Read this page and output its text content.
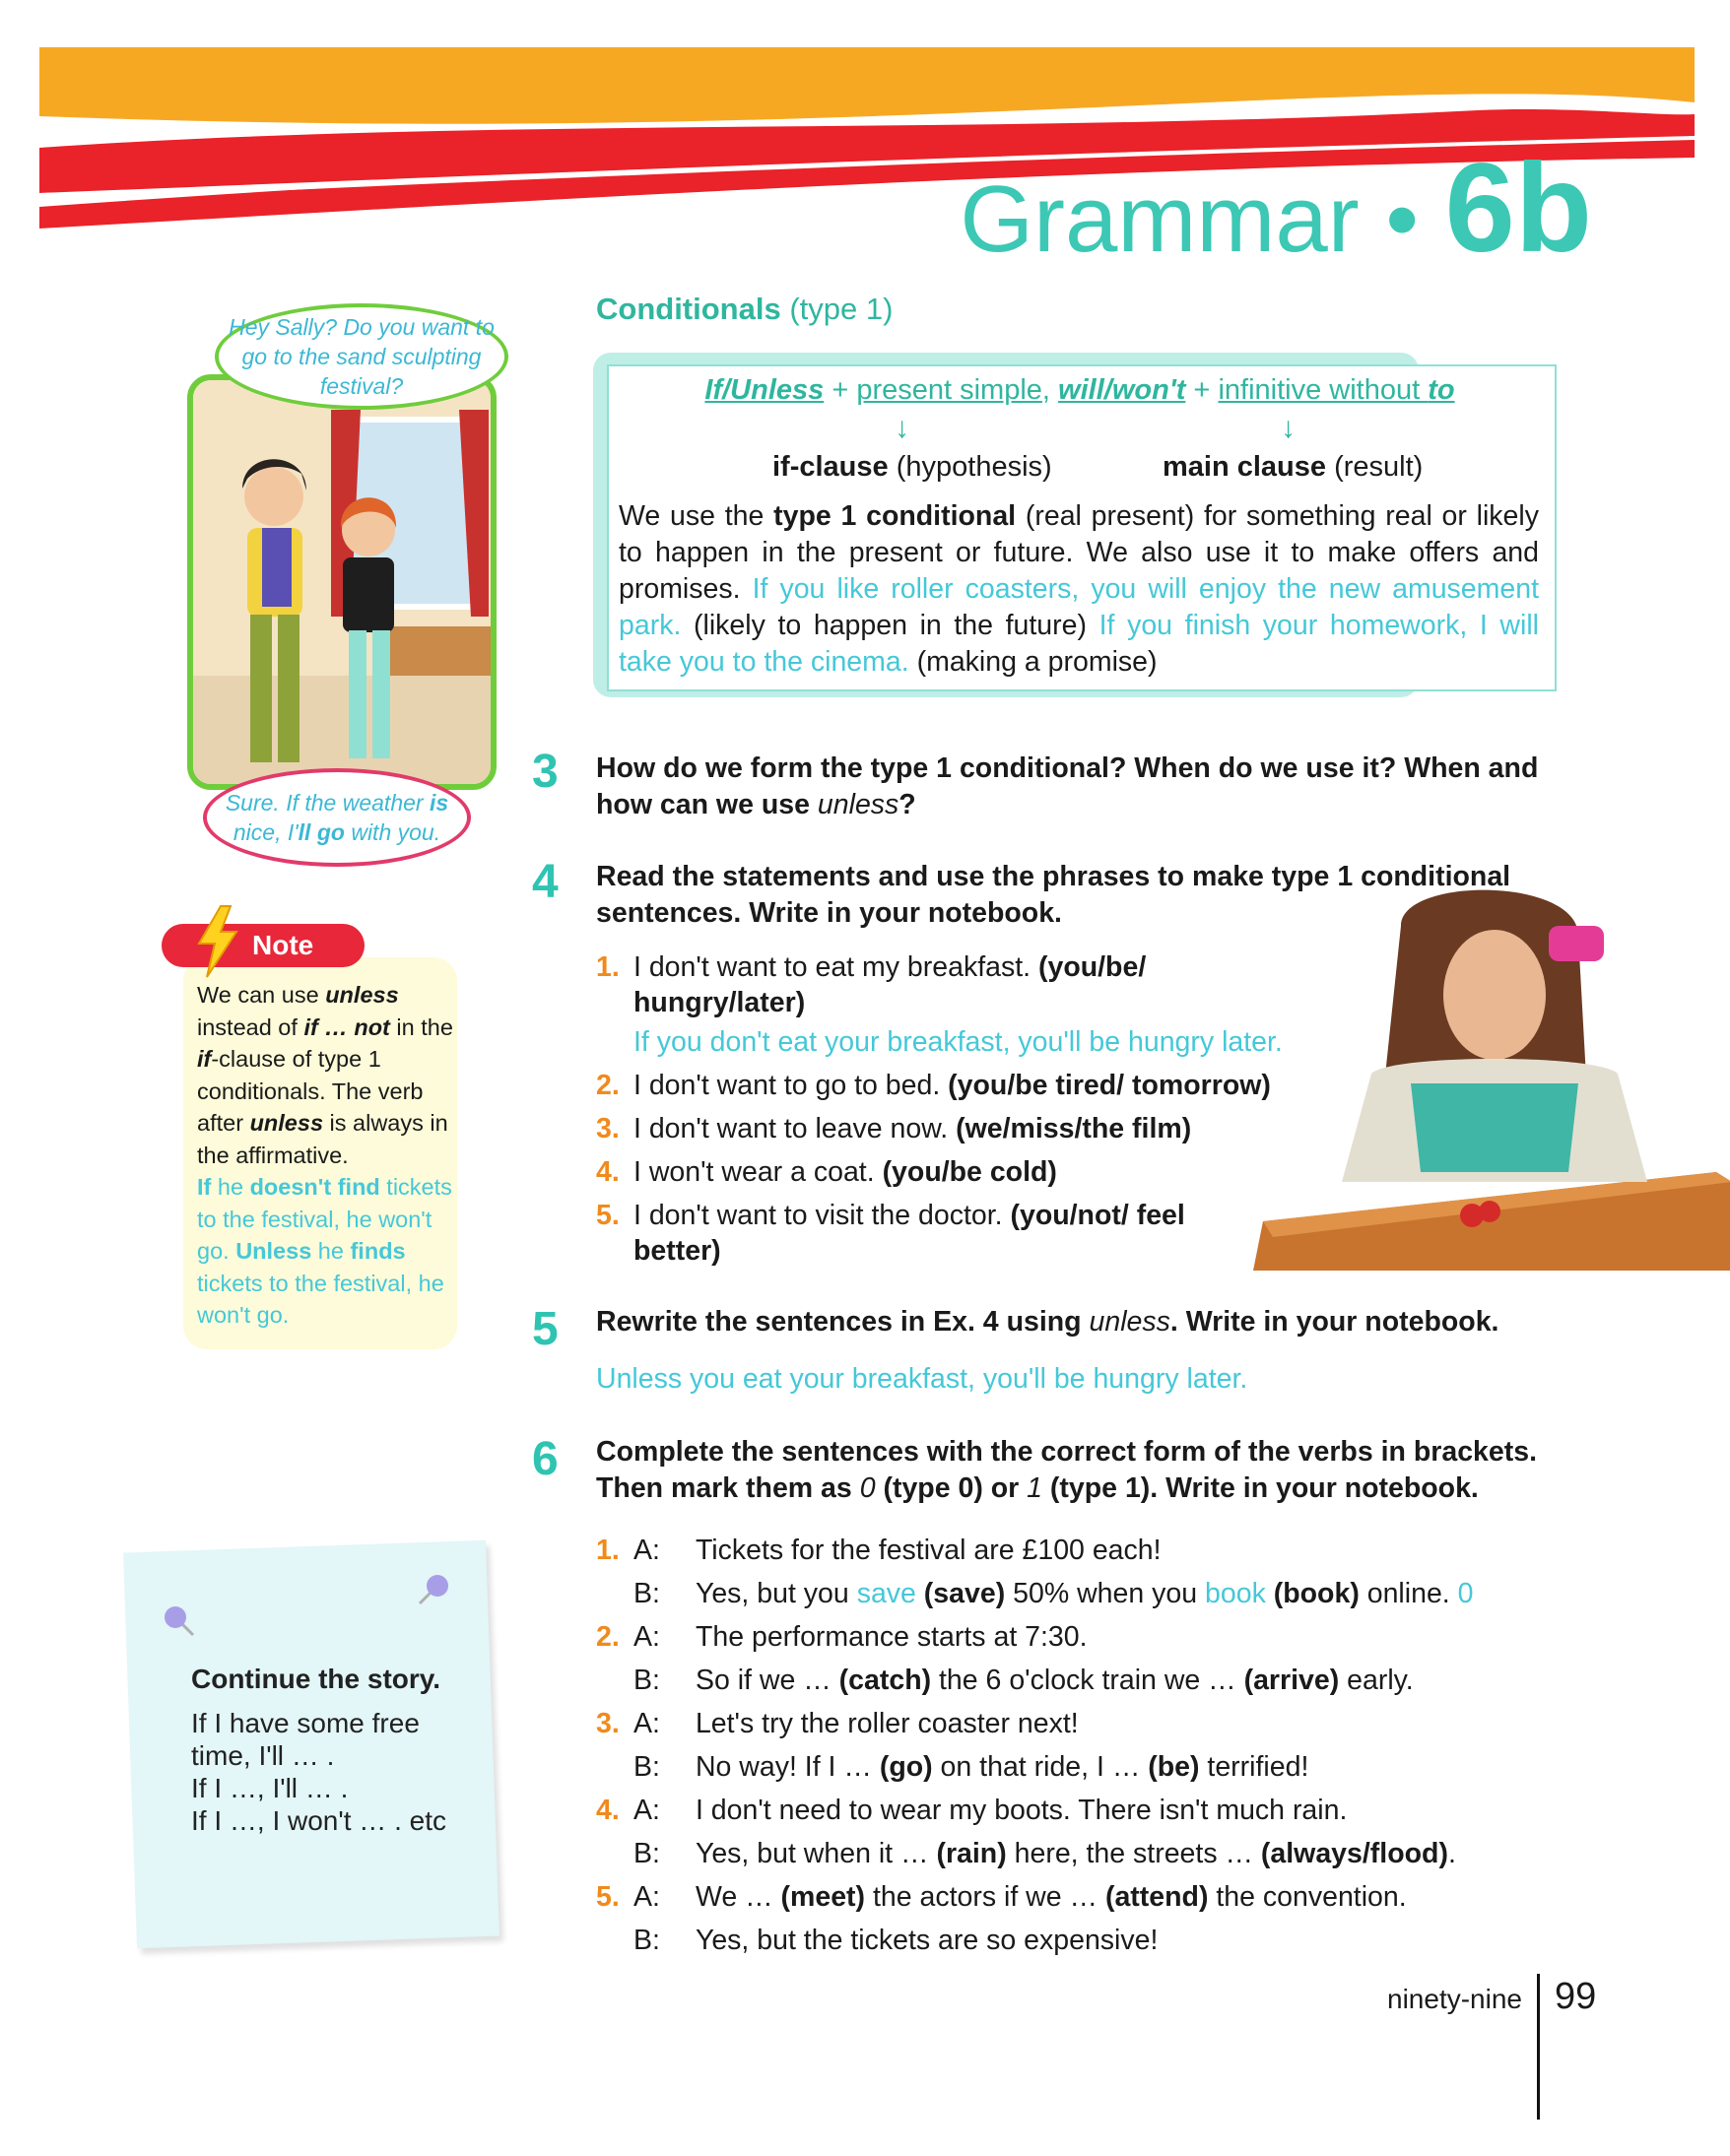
Grammar • 6b
Conditionals (type 1)
If/Unless + present simple, will/won't + infinitive without to
↓	↓
if-clause (hypothesis)	main clause (result)
We use the type 1 conditional (real present) for something real or likely to happen in the present or future. We also use it to make offers and promises. If you like roller coasters, you will enjoy the new amusement park. (likely to happen in the future) If you finish your homework, I will take you to the cinema. (making a promise)
Hey Sally? Do you want to go to the sand sculpting festival?
Sure. If the weather is nice, I'll go with you.
Note
We can use unless instead of if … not in the if-clause of type 1 conditionals. The verb after unless is always in the affirmative.
If he doesn't find tickets to the festival, he won't go. Unless he finds tickets to the festival, he won't go.
Continue the story.
If I have some free
time, I'll … .
If I …, I'll … .
If I …, I won't … . etc
3 How do we form the type 1 conditional? When do we use it? When and how can we use unless?
4 Read the statements and use the phrases to make type 1 conditional sentences. Write in your notebook.
1. I don't want to eat my breakfast. (you/be/ hungry/later)
If you don't eat your breakfast, you'll be hungry later.
2. I don't want to go to bed. (you/be tired/ tomorrow)
3. I don't want to leave now. (we/miss/the film)
4. I won't wear a coat. (you/be cold)
5. I don't want to visit the doctor. (you/not/ feel better)
5 Rewrite the sentences in Ex. 4 using unless. Write in your notebook.
Unless you eat your breakfast, you'll be hungry later.
6 Complete the sentences with the correct form of the verbs in brackets. Then mark them as 0 (type 0) or 1 (type 1). Write in your notebook.
1. A: Tickets for the festival are £100 each!
B: Yes, but you save (save) 50% when you book (book) online. 0
2. A: The performance starts at 7:30.
B: So if we … (catch) the 6 o'clock train we … (arrive) early.
3. A: Let's try the roller coaster next!
B: No way! If I … (go) on that ride, I … (be) terrified!
4. A: I don't need to wear my boots. There isn't much rain.
B: Yes, but when it … (rain) here, the streets … (always/flood).
5. A: We … (meet) the actors if we … (attend) the convention.
B: Yes, but the tickets are so expensive!
ninety-nine 99
